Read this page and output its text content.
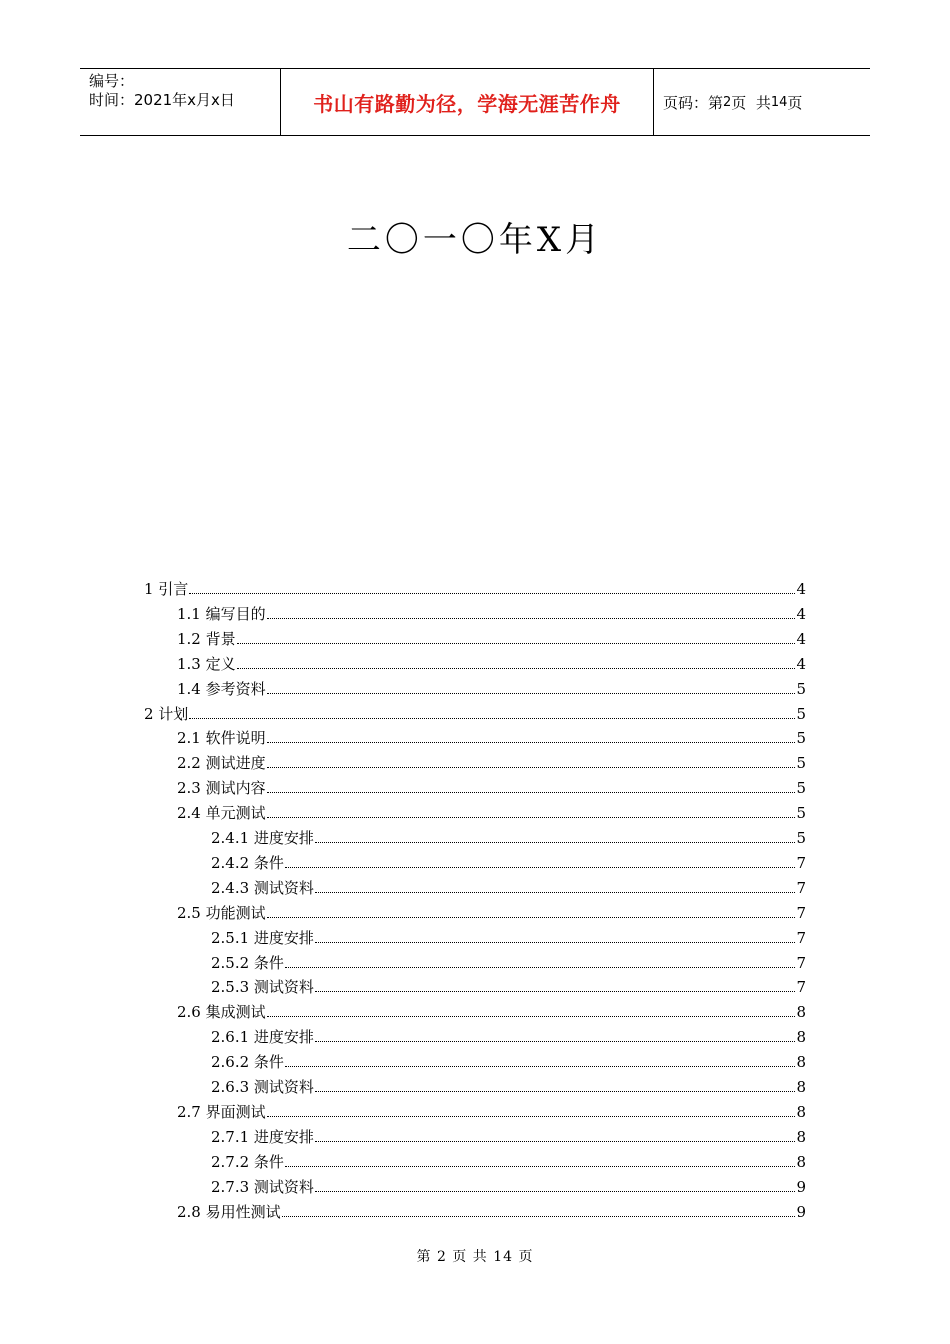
编号：
时间：2021年x月x日	书山有路勤为径，学海无涯苦作舟	页码：第 2 页  共 14 页
二〇一〇年X月
1 引言	4
1.1 编写目的	4
1.2 背景	4
1.3 定义	4
1.4 参考资料	5
2 计划	5
2.1 软件说明	5
2.2 测试进度	5
2.3 测试内容	5
2.4 单元测试	5
2.4.1 进度安排	5
2.4.2 条件	7
2.4.3 测试资料	7
2.5 功能测试	7
2.5.1 进度安排	7
2.5.2 条件	7
2.5.3 测试资料	7
2.6 集成测试	8
2.6.1 进度安排	8
2.6.2 条件	8
2.6.3 测试资料	8
2.7 界面测试	8
2.7.1 进度安排	8
2.7.2 条件	8
2.7.3 测试资料	9
2.8 易用性测试	9
第 2 页 共 14 页
